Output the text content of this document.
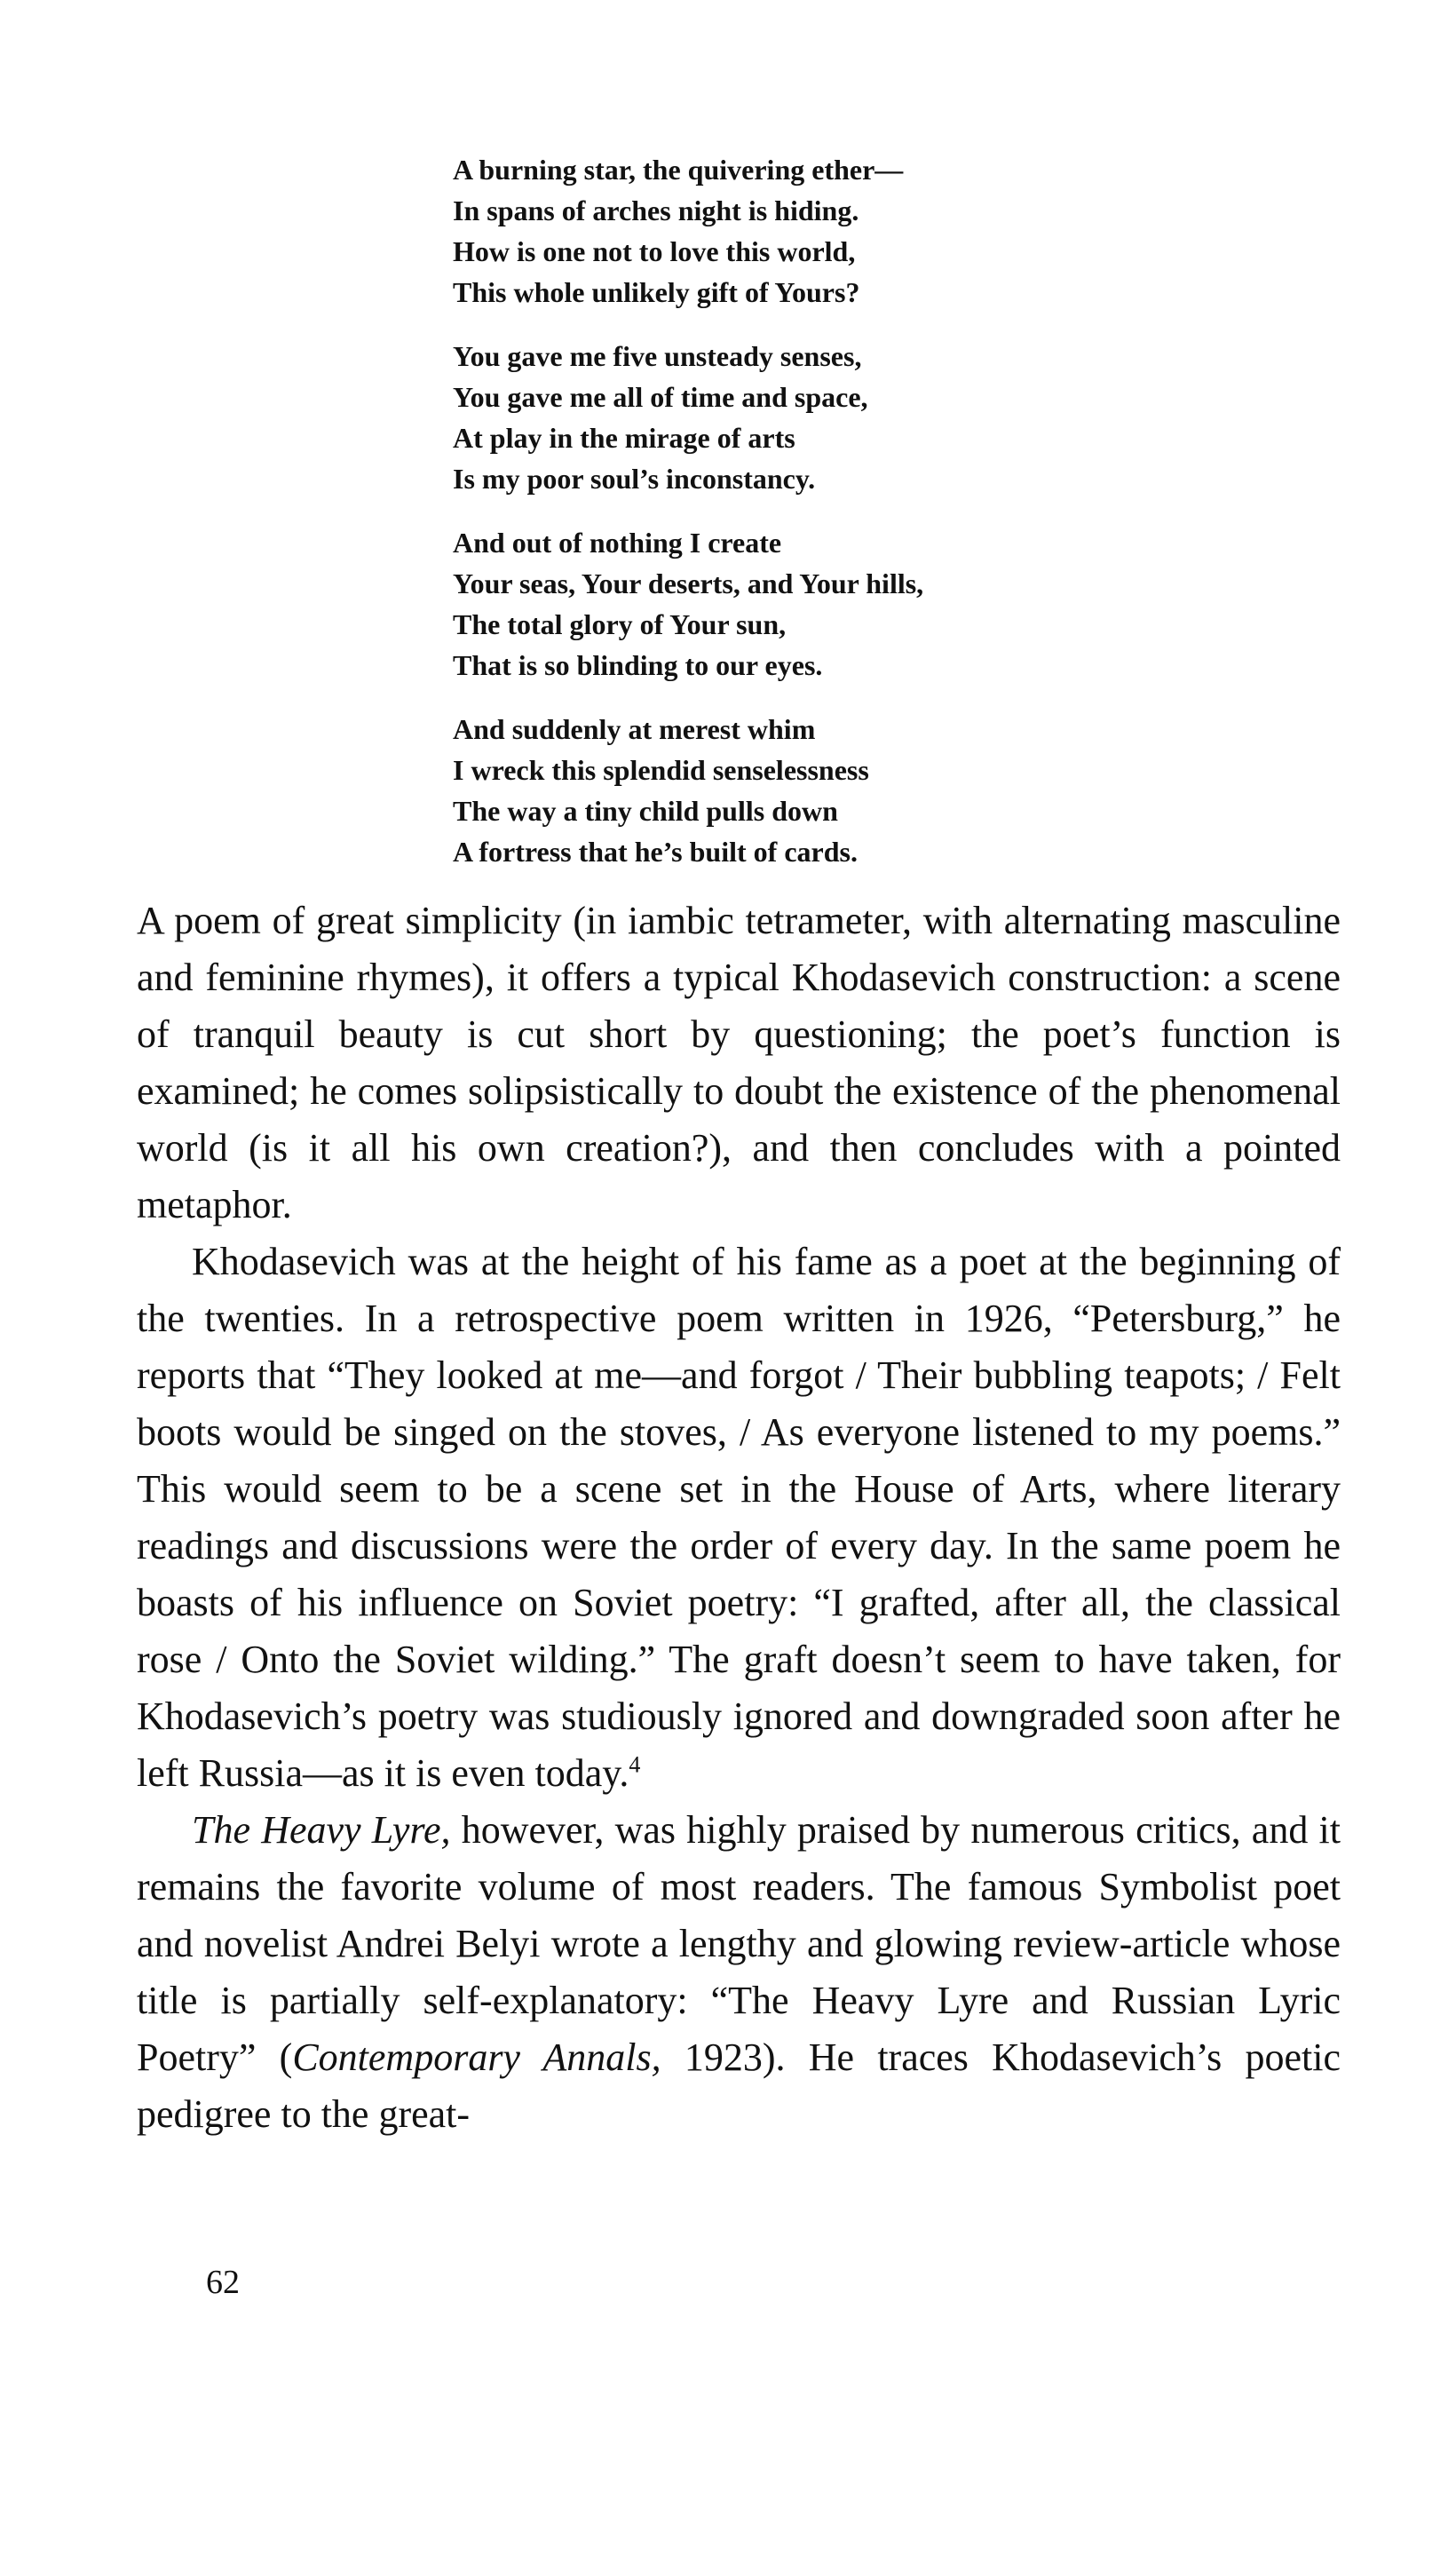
A burning star, the quivering ether—
In spans of arches night is hiding.
How is one not to love this world,
This whole unlikely gift of Yours?
You gave me five unsteady senses,
You gave me all of time and space,
At play in the mirage of arts
Is my poor soul’s inconstancy.
And out of nothing I create
Your seas, Your deserts, and Your hills,
The total glory of Your sun,
That is so blinding to our eyes.
And suddenly at merest whim
I wreck this splendid senselessness
The way a tiny child pulls down
A fortress that he’s built of cards.

A poem of great simplicity (in iambic tetrameter, with alternating masculine and feminine rhymes), it offers a typical Khodasevich construction: a scene of tranquil beauty is cut short by questioning; the poet’s function is examined; he comes solipsistically to doubt the existence of the phenomenal world (is it all his own creation?), and then concludes with a pointed metaphor.

Khodasevich was at the height of his fame as a poet at the beginning of the twenties. In a retrospective poem written in 1926, “Petersburg,” he reports that “They looked at me—and forgot / Their bubbling teapots; / Felt boots would be singed on the stoves, / As everyone listened to my poems.” This would seem to be a scene set in the House of Arts, where literary readings and discussions were the order of every day. In the same poem he boasts of his influence on Soviet poetry: “I grafted, after all, the classical rose / Onto the Soviet wilding.” The graft doesn’t seem to have taken, for Khodasevich’s poetry was studiously ignored and downgraded soon after he left Russia—as it is even today.$^4$

The Heavy Lyre, however, was highly praised by numerous critics, and it remains the favorite volume of most readers. The famous Symbolist poet and novelist Andrei Belyi wrote a lengthy and glowing review-article whose title is partially self-explanatory: “The Heavy Lyre and Russian Lyric Poetry” (Contemporary Annals, 1923). He traces Khodasevich’s poetic pedigree to the great-

62
